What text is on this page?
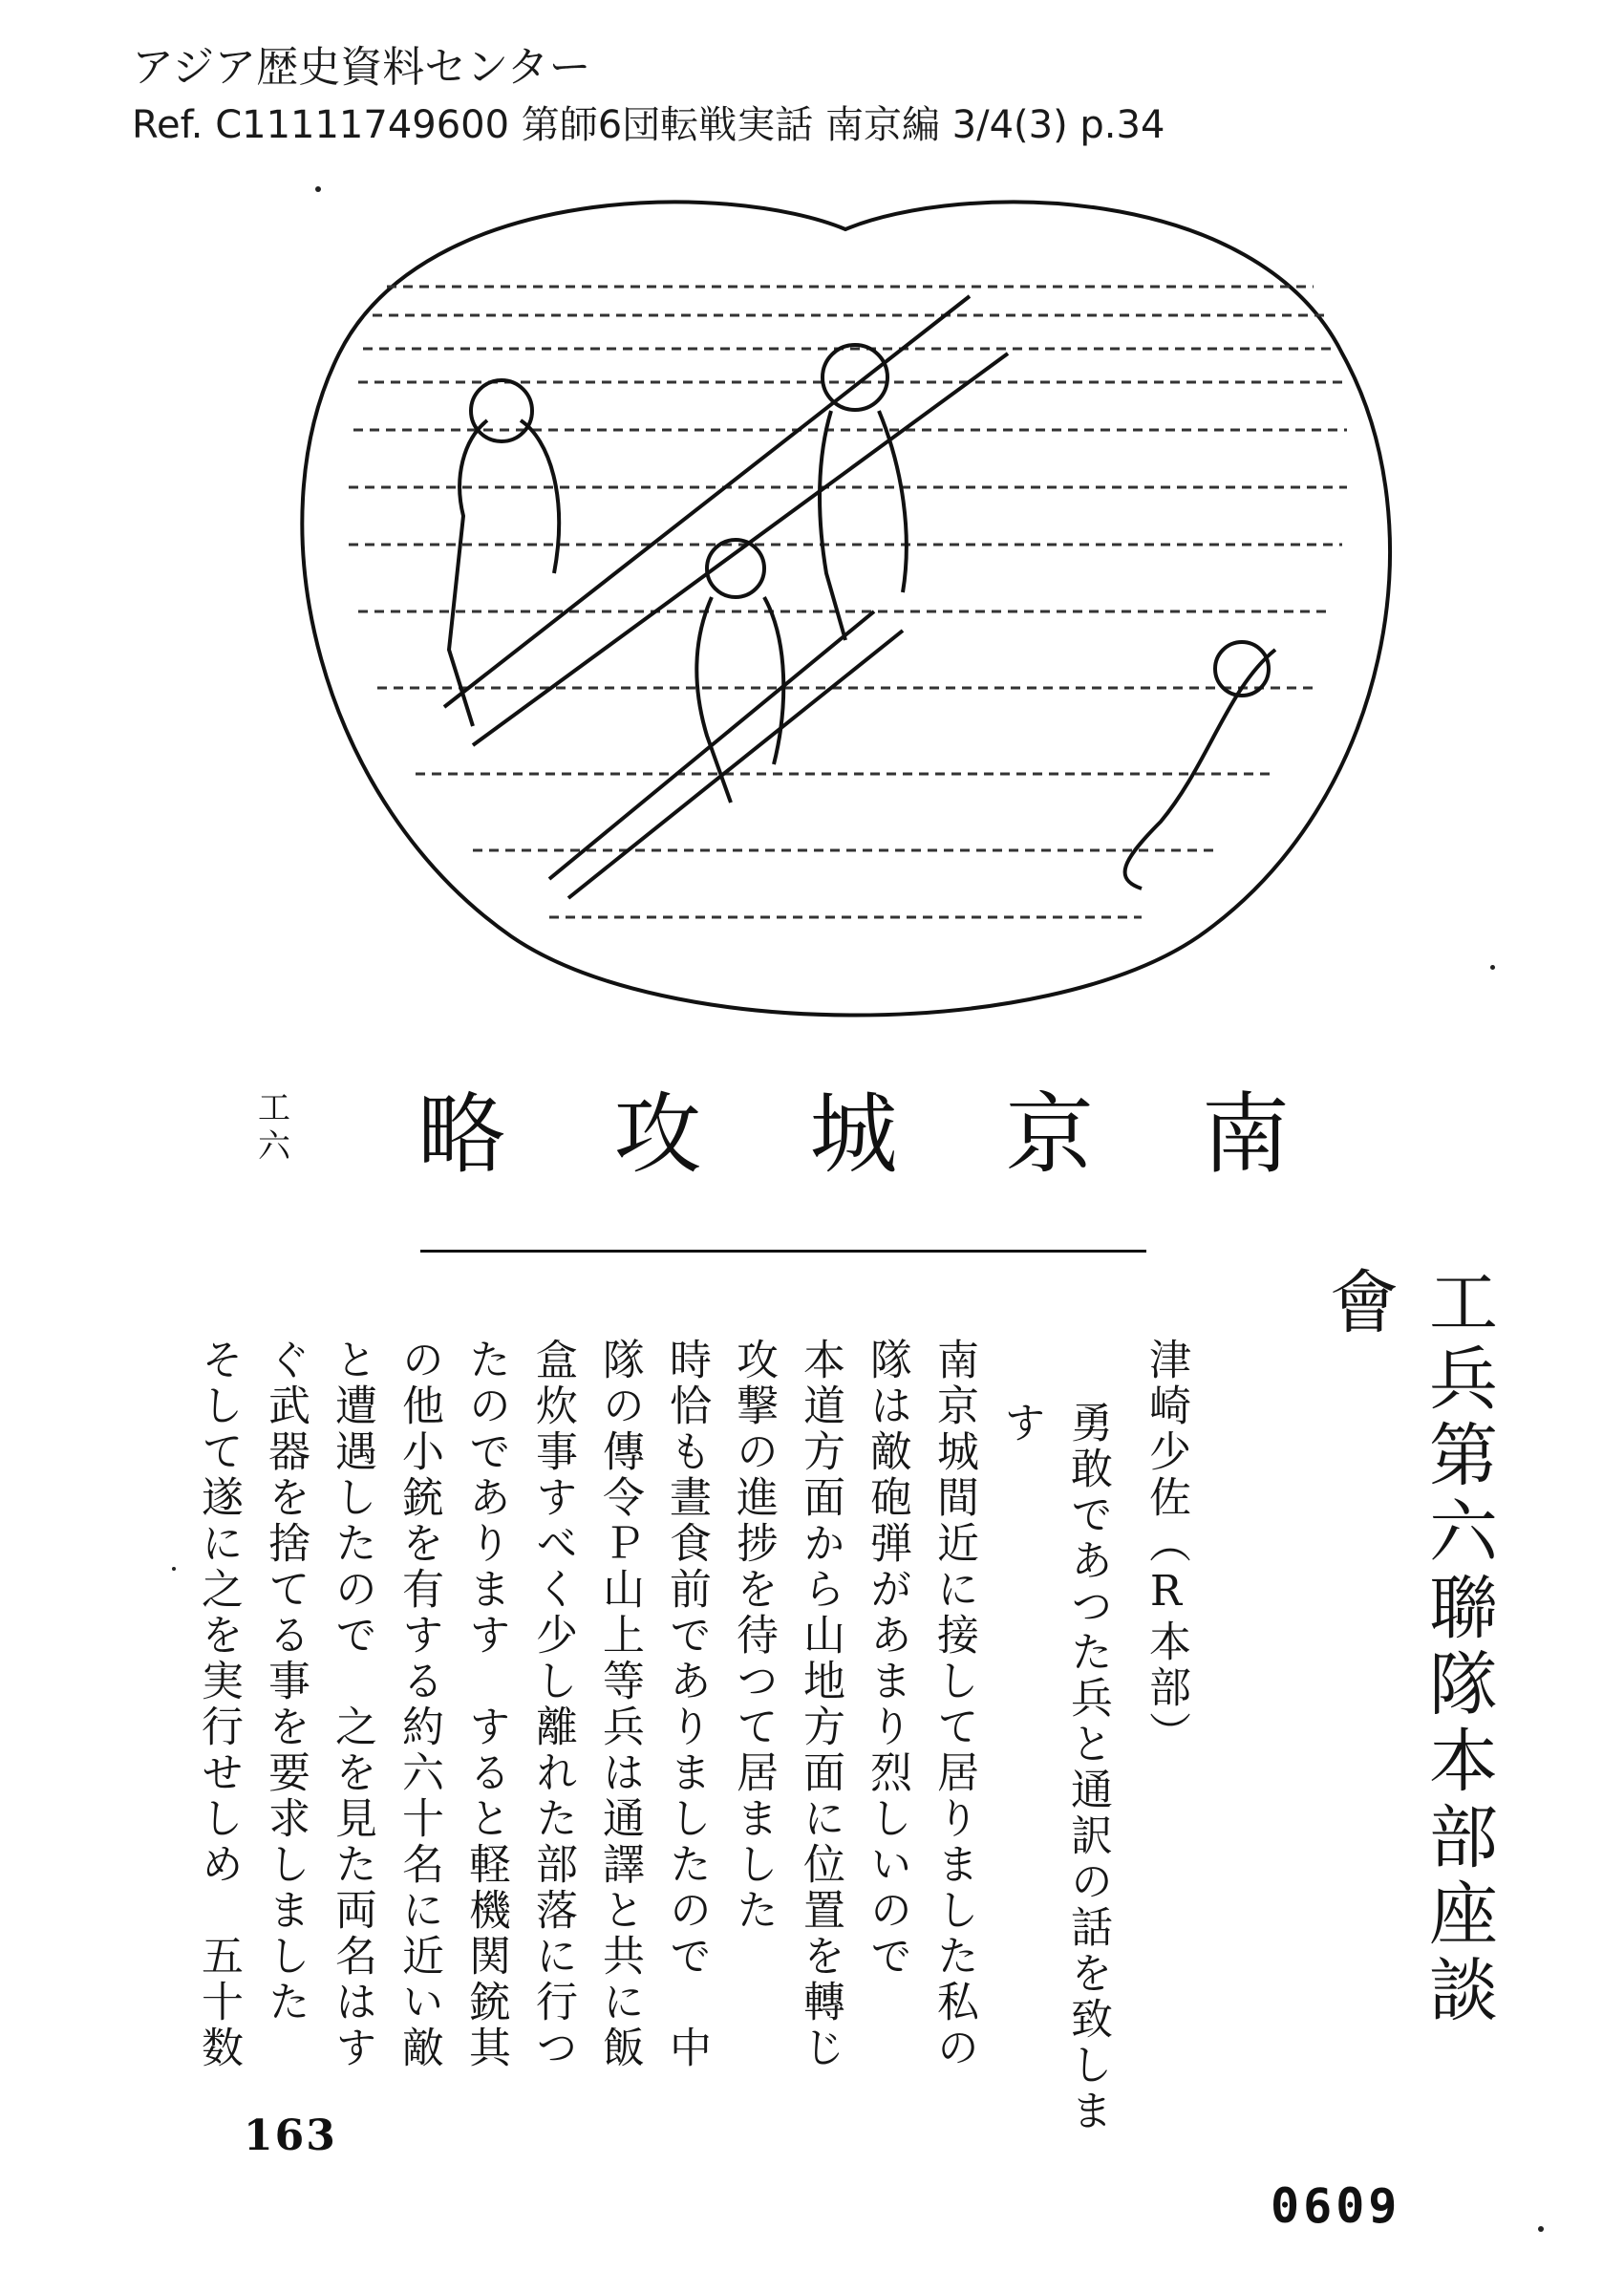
アジア歴史資料センター
Ref. C11111749600 第師6団転戦実話 南京編 3/4(3) p.34
南
京
城
攻
略
工
六
工兵第六聯隊本部座談會

津崎少佐（R本部）

勇敢であつた兵と通訳の話を致します

南京城間近に接して居りました私の

隊は敵砲弾があまり烈しいので

本道方面から山地方面に位置を轉じ

攻撃の進捗を待つて居ました

時恰も晝食前でありましたので　中

隊の傳令Ｐ山上等兵は通譯と共に飯

盒炊事すべく少し離れた部落に行つ

たのであります　すると軽機関銃其

の他小銃を有する約六十名に近い敵

と遭遇したので　之を見た両名はす

ぐ武器を捨てる事を要求しました

そして遂に之を実行せしめ　五十数

163
0609
